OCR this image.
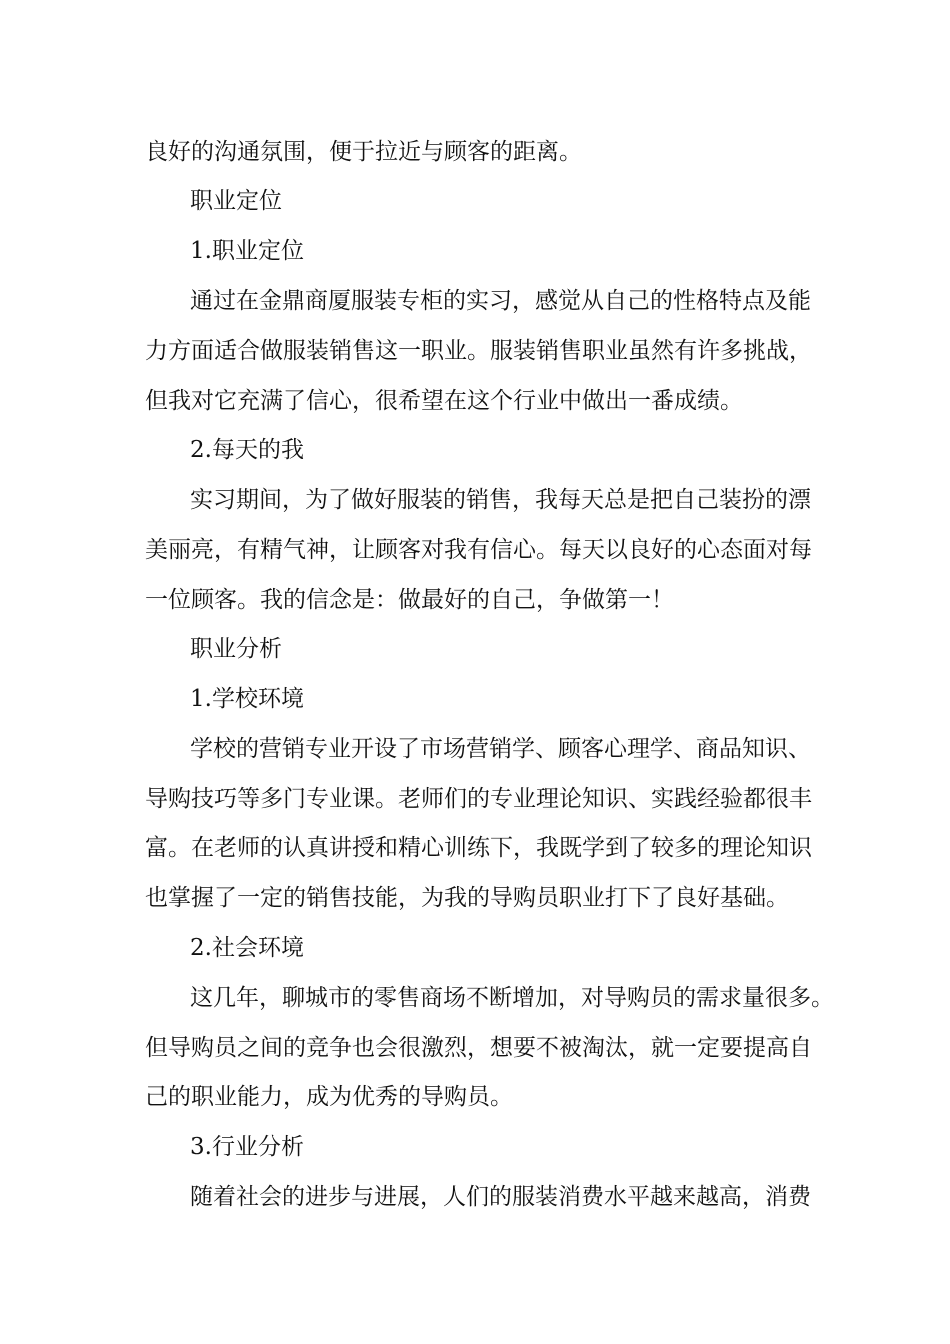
良好的沟通氛围，便于拉近与顾客的距离。
职业定位
1.职业定位
通过在金鼎商厦服装专柜的实习，感觉从自己的性格特点及能
力方面适合做服装销售这一职业。服装销售职业虽然有许多挑战，
但我对它充满了信心，很希望在这个行业中做出一番成绩。
2.每天的我
实习期间，为了做好服装的销售，我每天总是把自己装扮的漂
美丽亮，有精气神，让顾客对我有信心。每天以良好的心态面对每
一位顾客。我的信念是：做最好的自己，争做第一！
职业分析
1.学校环境
学校的营销专业开设了市场营销学、顾客心理学、商品知识、
导购技巧等多门专业课。老师们的专业理论知识、实践经验都很丰
富。在老师的认真讲授和精心训练下，我既学到了较多的理论知识
也掌握了一定的销售技能，为我的导购员职业打下了良好基础。
2.社会环境
这几年，聊城市的零售商场不断增加，对导购员的需求量很多。
但导购员之间的竞争也会很激烈，想要不被淘汰，就一定要提高自
己的职业能力，成为优秀的导购员。
3.行业分析
随着社会的进步与进展，人们的服装消费水平越来越高，消费
